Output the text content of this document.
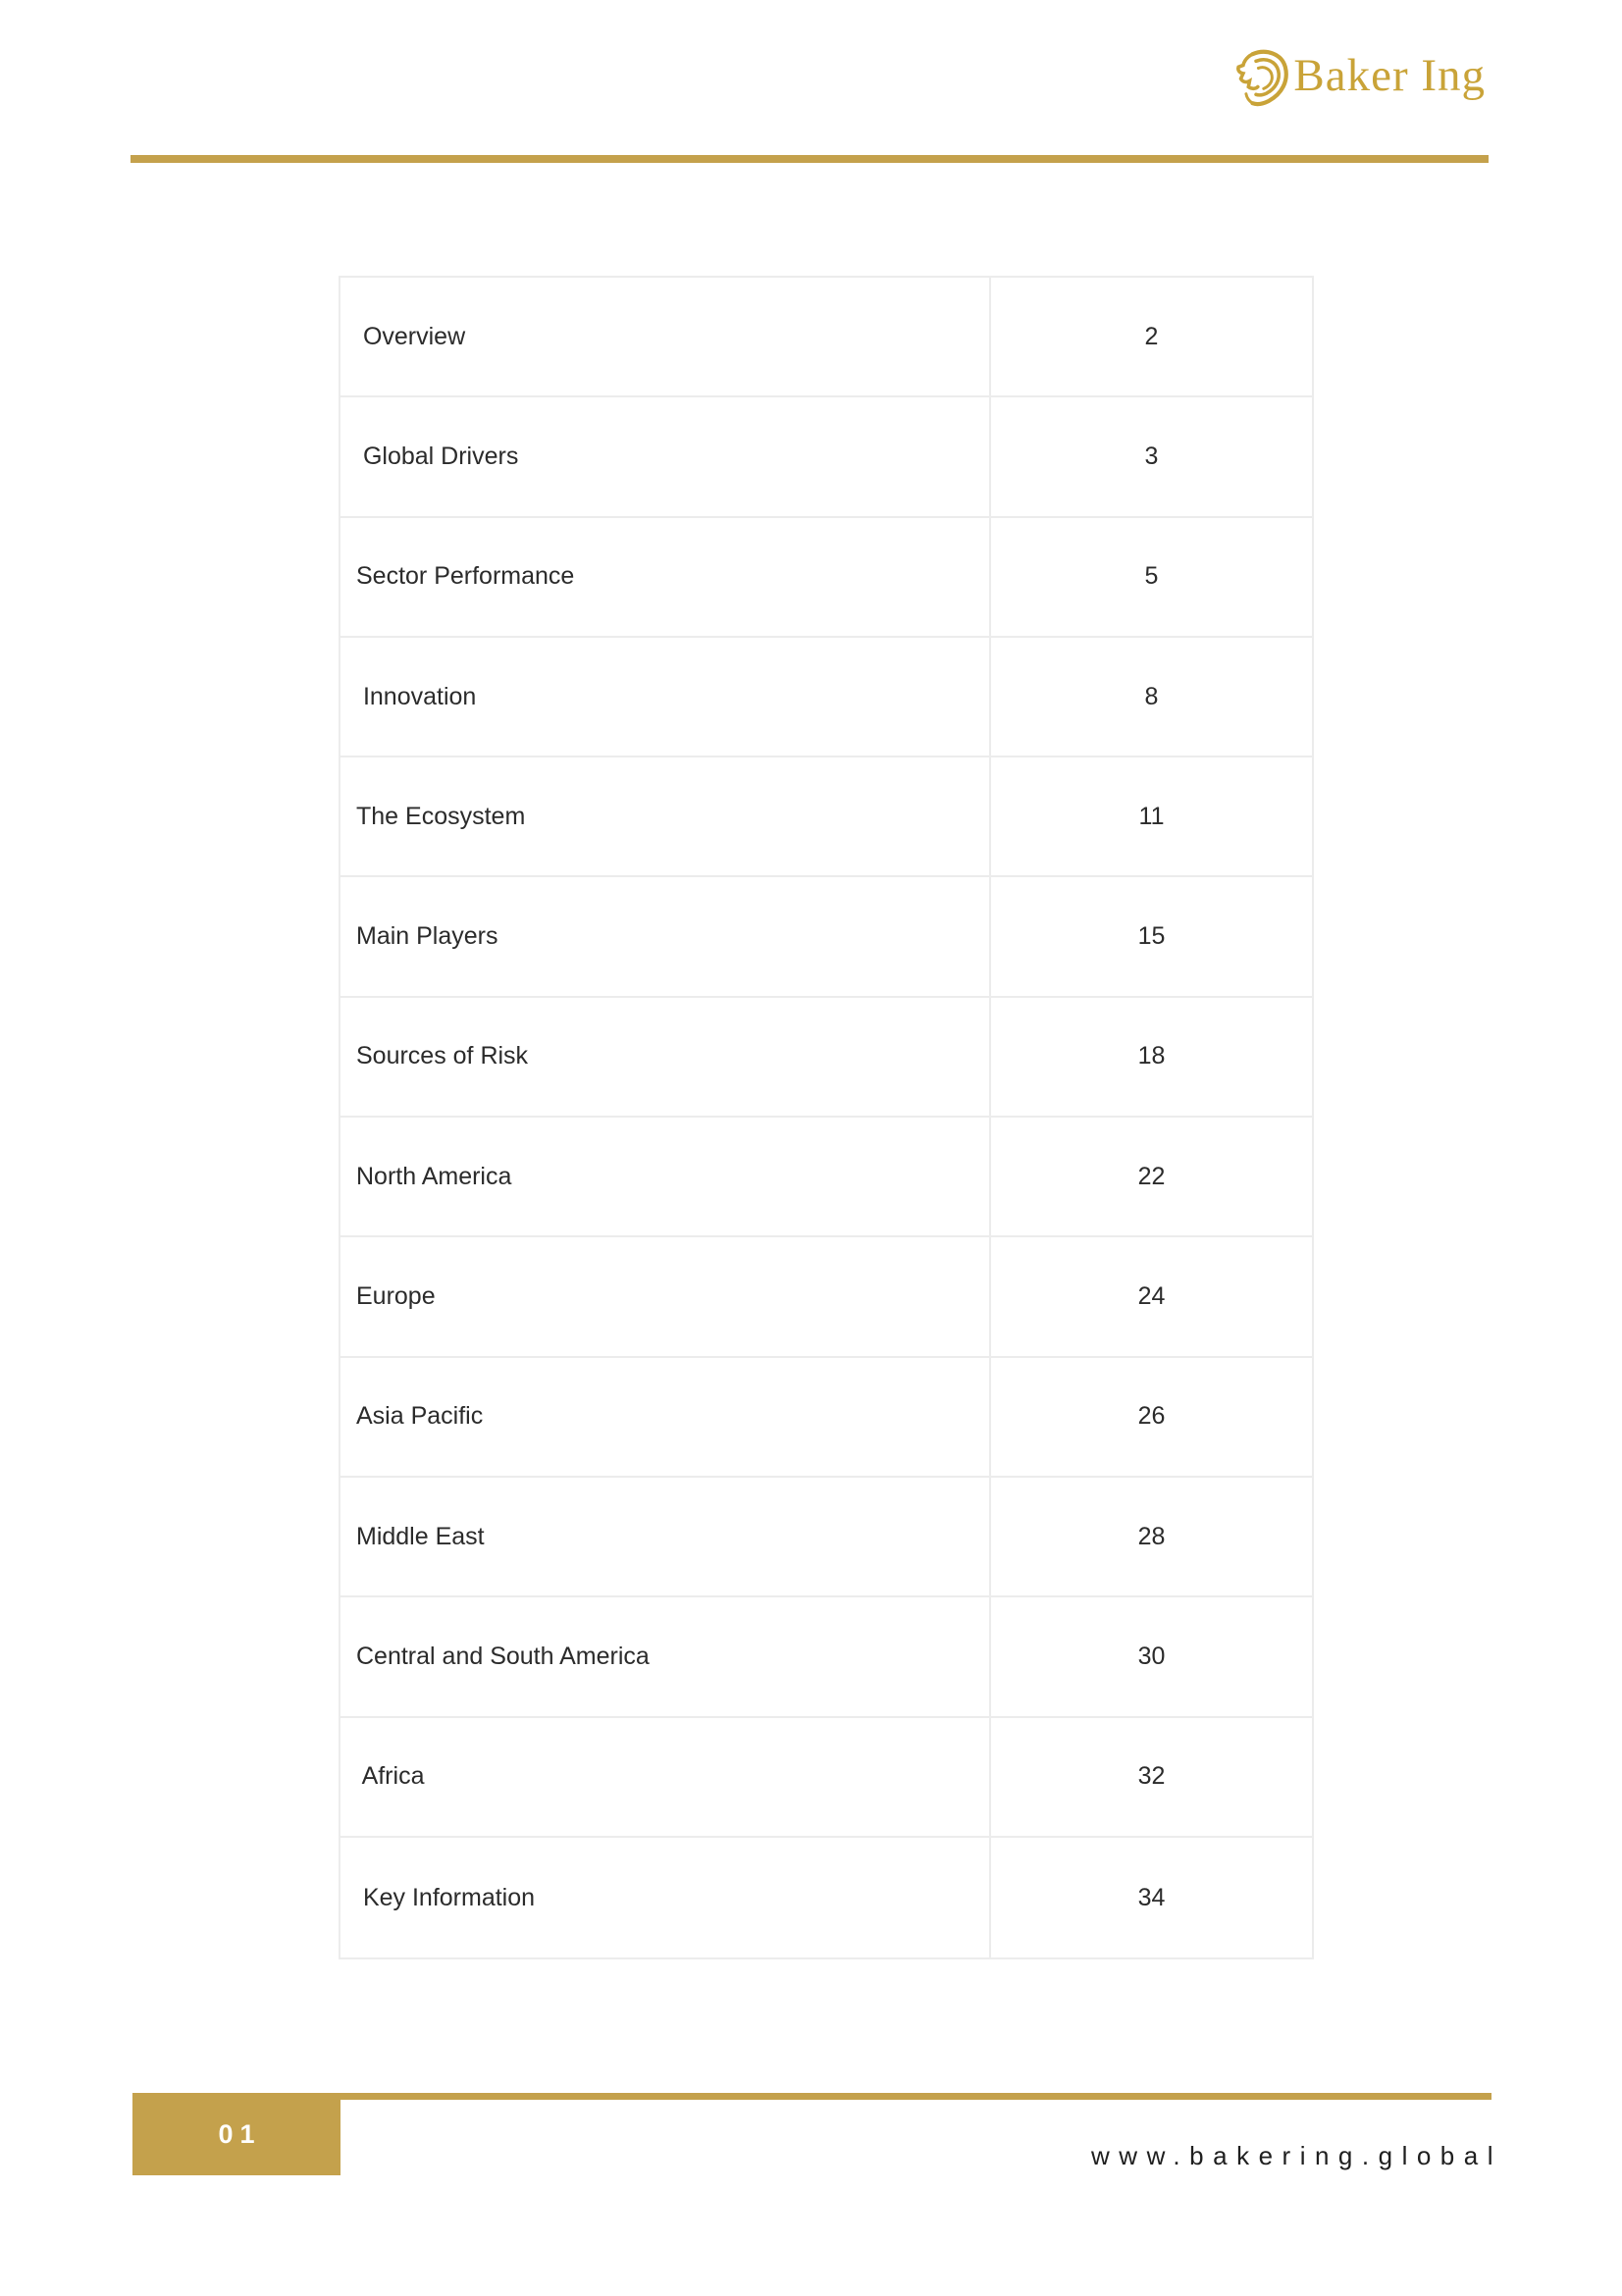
Baker Ing
Overview	2
Global Drivers	3
Sector Performance	5
Innovation	8
The Ecosystem	11
Main Players	15
Sources of Risk	18
North America	22
Europe	24
Asia Pacific	26
Middle East	28
Central and South America	30
Africa	32
Key Information	34
01
www.bakering.global
